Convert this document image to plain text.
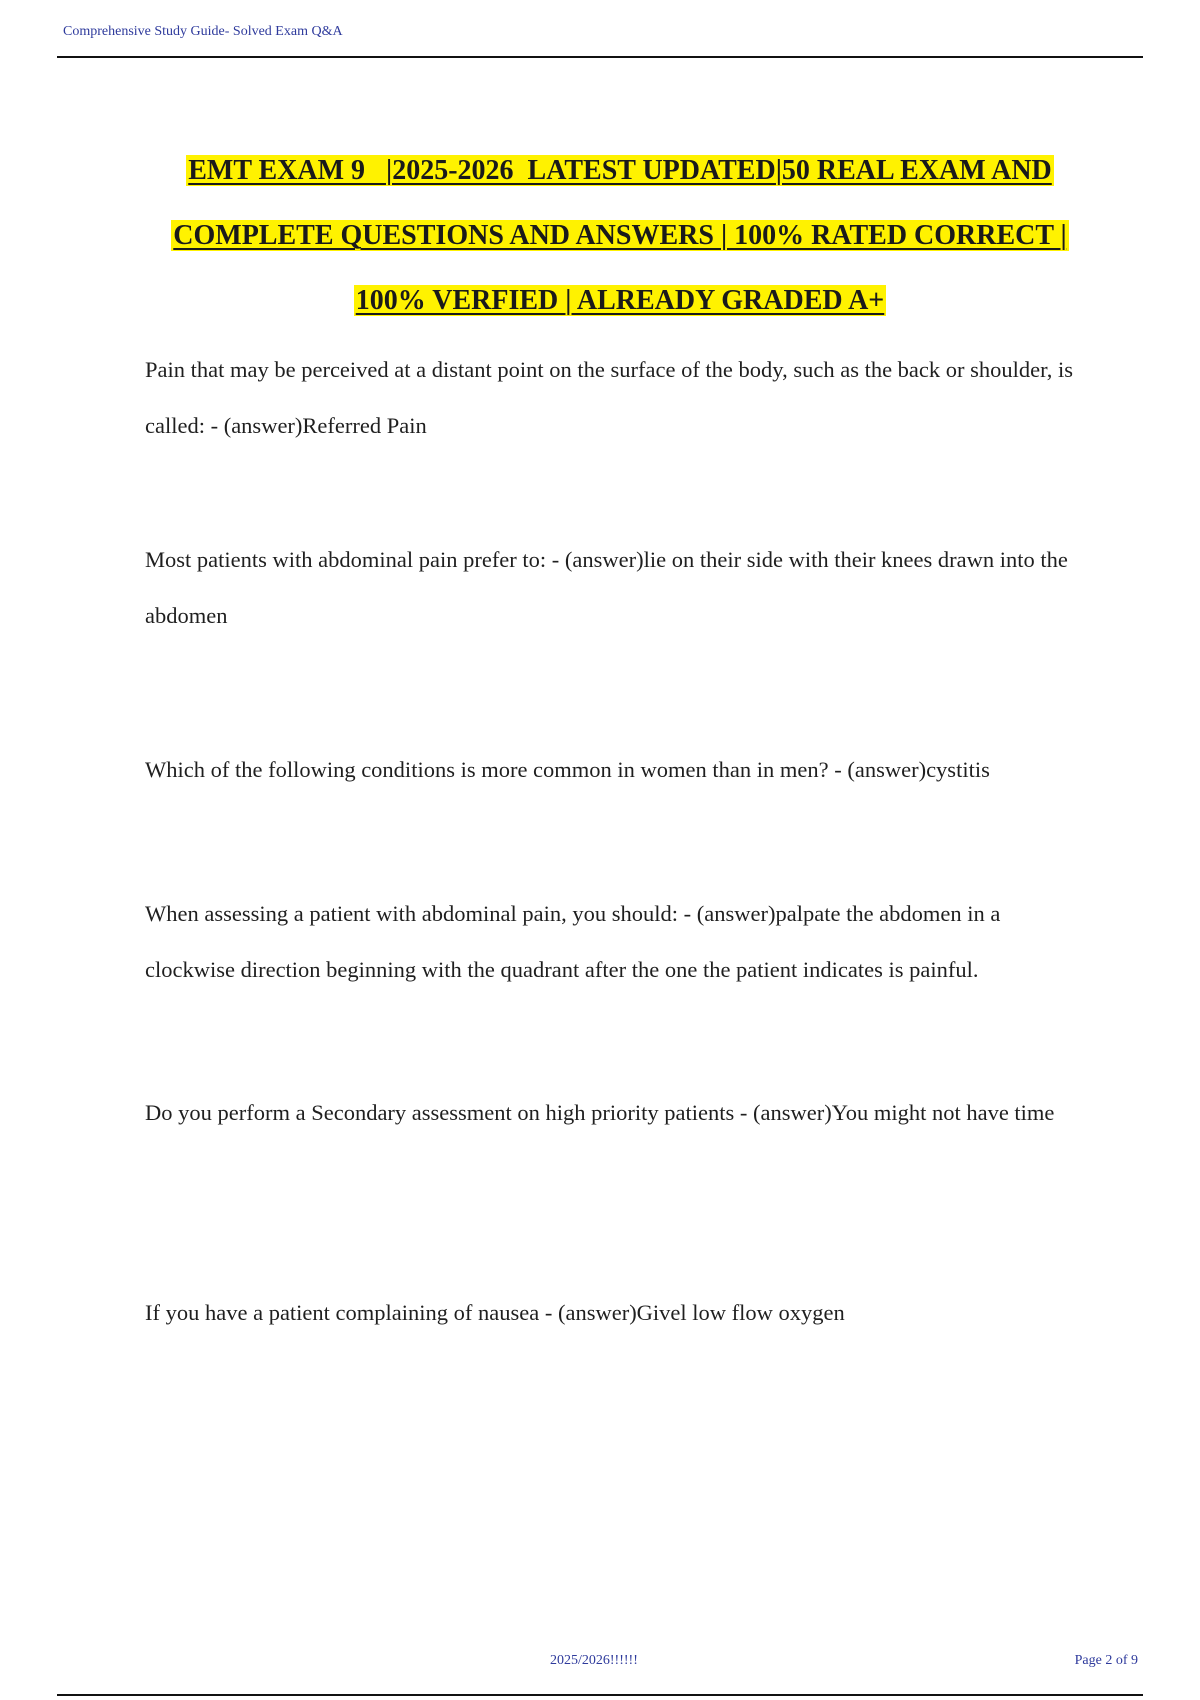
Comprehensive Study Guide- Solved Exam Q&A
EMT EXAM 9   |2025-2026  LATEST UPDATED|50 REAL EXAM AND
COMPLETE QUESTIONS AND ANSWERS | 100% RATED CORRECT |
100% VERFIED | ALREADY GRADED A+
Pain that may be perceived at a distant point on the surface of the body, such as the back or shoulder, is called: - (answer)Referred Pain
Most patients with abdominal pain prefer to: - (answer)lie on their side with their knees drawn into the abdomen
Which of the following conditions is more common in women than in men? - (answer)cystitis
When assessing a patient with abdominal pain, you should: - (answer)palpate the abdomen in a clockwise direction beginning with the quadrant after the one the patient indicates is painful.
Do you perform a Secondary assessment on high priority patients - (answer)You might not have time
If you have a patient complaining of nausea - (answer)Givel low flow oxygen
2025/2026!!!!!!	Page 2 of 9
